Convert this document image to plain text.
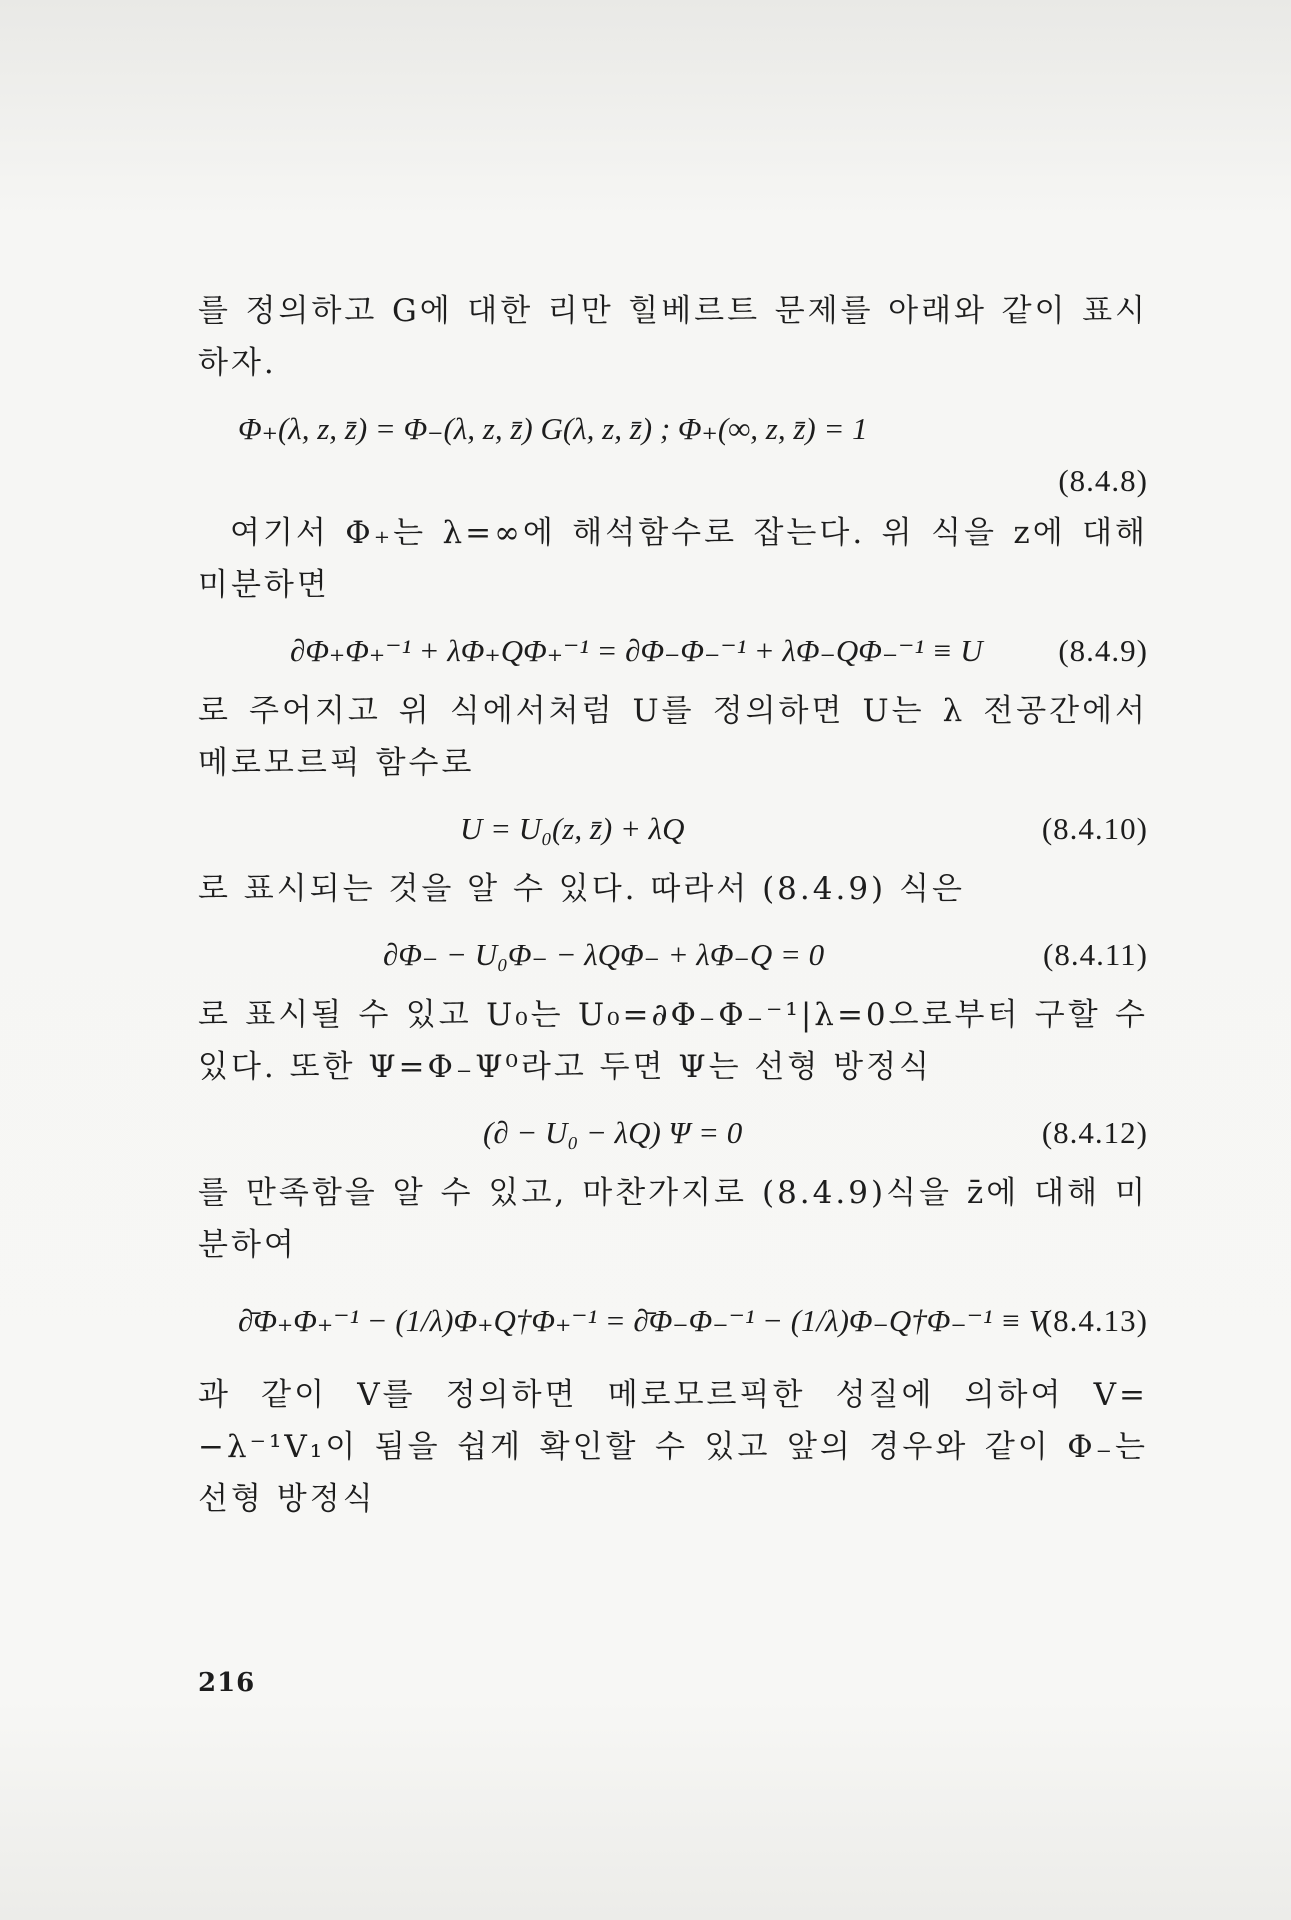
를 정의하고 G에 대한 리만 힐베르트 문제를 아래와 같이 표시하자.

Φ₊(λ, z, z̄) = Φ₋(λ, z, z̄) G(λ, z, z̄) ; Φ₊(∞, z, z̄) = 1
(8.4.8)

여기서 Φ₊는 λ=∞에 해석함수로 잡는다. 위 식을 z에 대해 미분하면

∂Φ₊Φ₊⁻¹ + λΦ₊QΦ₊⁻¹ = ∂Φ₋Φ₋⁻¹ + λΦ₋QΦ₋⁻¹ ≡ U (8.4.9)

로 주어지고 위 식에서처럼 U를 정의하면 U는 λ 전공간에서 메로모르픽 함수로

U = U₀(z, z̄) + λQ	(8.4.10)

로 표시되는 것을 알 수 있다. 따라서 (8.4.9) 식은

∂Φ₋ − U₀Φ₋ − λQΦ₋ + λΦ₋Q = 0	(8.4.11)

로 표시될 수 있고 U₀는 U₀=∂Φ₋Φ₋⁻¹|λ=0으로부터 구할 수 있다. 또한 Ψ=Φ₋Ψ⁰라고 두면 Ψ는 선형 방정식

(∂ − U₀ − λQ) Ψ = 0	(8.4.12)

를 만족함을 알 수 있고, 마찬가지로 (8.4.9)식을 z̄에 대해 미분하여

∂̄Φ₊Φ₊⁻¹ − (1/λ)Φ₊Q†Φ₊⁻¹ = ∂̄Φ₋Φ₋⁻¹ − (1/λ)Φ₋Q†Φ₋⁻¹ ≡ V
(8.4.13)

과 같이 V를 정의하면 메로모르픽한 성질에 의하여 V= −λ⁻¹V₁이 됨을 쉽게 확인할 수 있고 앞의 경우와 같이 Φ₋는 선형 방정식

216
